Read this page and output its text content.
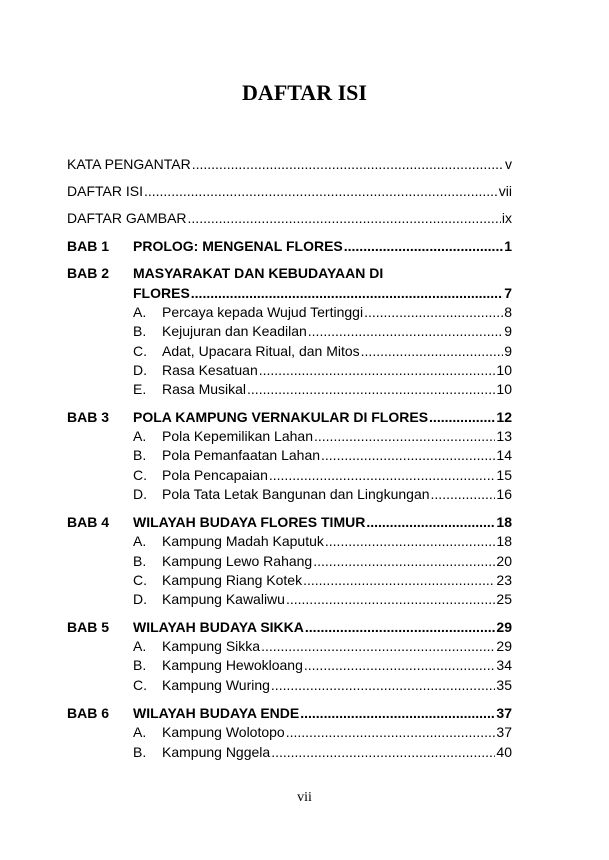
DAFTAR ISI
KATA PENGANTAR .....	v
DAFTAR ISI .....	vii
DAFTAR GAMBAR .....	ix
BAB 1 PROLOG: MENGENAL FLORES .....	1
BAB 2 MASYARAKAT DAN KEBUDAYAAN DI
FLORES .....	7
A. Percaya kepada Wujud Tertinggi .....	8
B. Kejujuran dan Keadilan .....	9
C. Adat, Upacara Ritual, dan Mitos .....	9
D. Rasa Kesatuan .....	10
E. Rasa Musikal .....	10
BAB 3 POLA KAMPUNG VERNAKULAR DI FLORES .....	12
A. Pola Kepemilikan Lahan .....	13
B. Pola Pemanfaatan Lahan .....	14
C. Pola Pencapaian .....	15
D. Pola Tata Letak Bangunan dan Lingkungan .....	16
BAB 4 WILAYAH BUDAYA FLORES TIMUR .....	18
A. Kampung Madah Kaputuk .....	18
B. Kampung Lewo Rahang .....	20
C. Kampung Riang Kotek .....	23
D. Kampung Kawaliwu .....	25
BAB 5 WILAYAH BUDAYA SIKKA .....	29
A. Kampung Sikka .....	29
B. Kampung Hewokloang .....	34
C. Kampung Wuring .....	35
BAB 6 WILAYAH BUDAYA ENDE .....	37
A. Kampung Wolotopo .....	37
B. Kampung Nggela .....	40
vii
